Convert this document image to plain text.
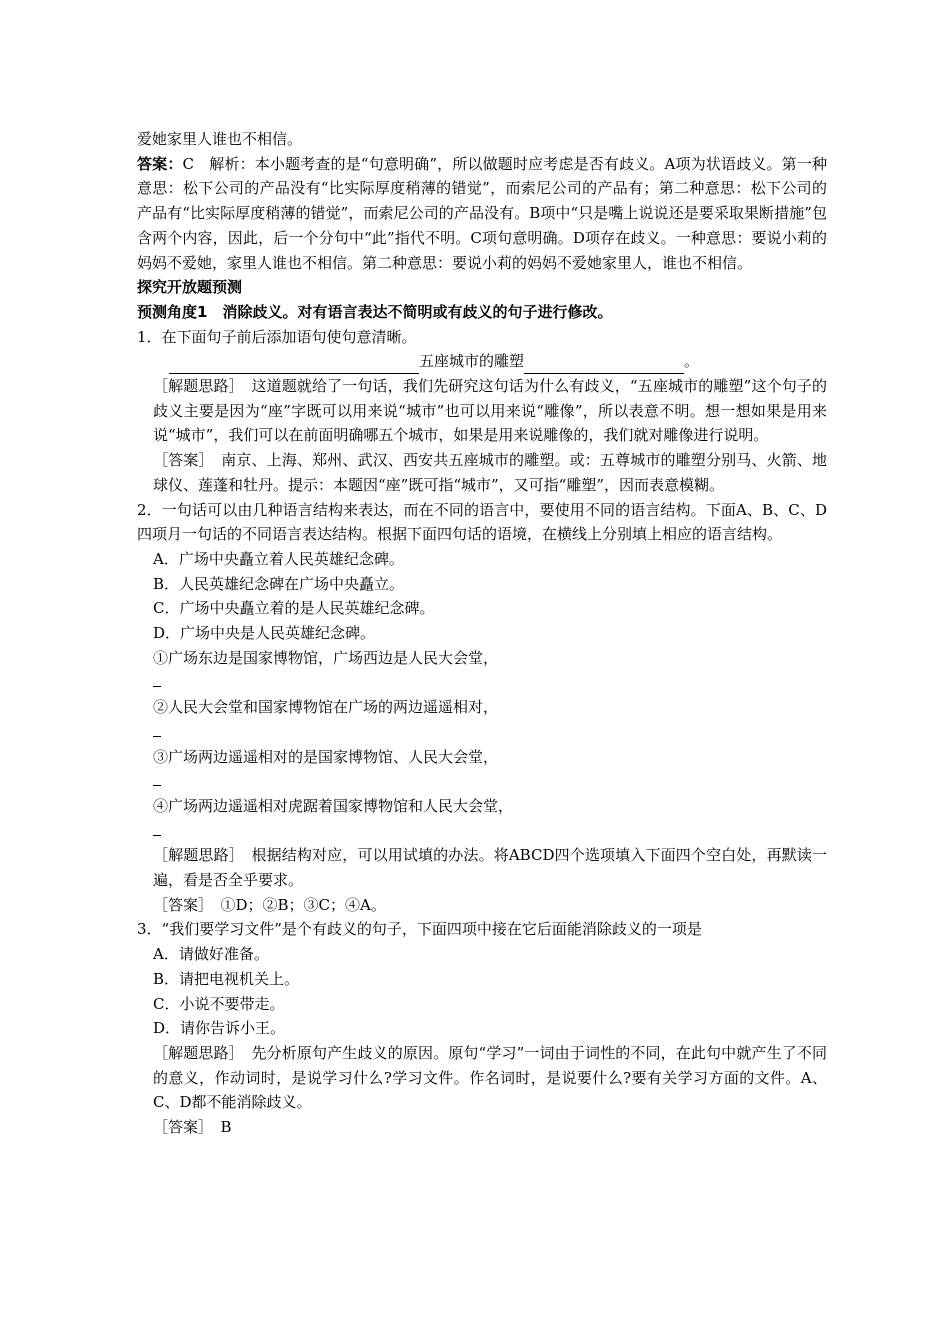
爱她家里人谁也不相信。

答案：C　解析：本小题考查的是“句意明确”，所以做题时应考虑是否有歧义。A项为状语歧义。第一种意思：松下公司的产品没有“比实际厚度稍薄的错觉”，而索尼公司的产品有；第二种意思：松下公司的产品有“比实际厚度稍薄的错觉”，而索尼公司的产品没有。B项中“只是嘴上说说还是要采取果断措施”包含两个内容，因此，后一个分句中“此”指代不明。C项句意明确。D项存在歧义。一种意思：要说小莉的妈妈不爱她，家里人谁也不相信。第二种意思：要说小莉的妈妈不爱她家里人，谁也不相信。

探究开放题预测

预测角度1　消除歧义。对有语言表达不简明或有歧义的句子进行修改。

1．在下面句子前后添加语句使句意清晰。

五座城市的雕塑	。

［解题思路］　这道题就给了一句话，我们先研究这句话为什么有歧义，“五座城市的雕塑”这个句子的歧义主要是因为“座”字既可以用来说“城市”也可以用来说“雕像”，所以表意不明。想一想如果是用来说“城市”，我们可以在前面明确哪五个城市，如果是用来说雕像的，我们就对雕像进行说明。

［答案］　南京、上海、郑州、武汉、西安共五座城市的雕塑。或：五尊城市的雕塑分别马、火箭、地球仪、莲蓬和牡丹。提示：本题因“座”既可指“城市”，又可指“雕塑”，因而表意模糊。

2．一句话可以由几种语言结构来表达，而在不同的语言中，要使用不同的语言结构。下面A、B、C、D四项月一句话的不同语言表达结构。根据下面四句话的语境，在横线上分别填上相应的语言结构。

A．广场中央矗立着人民英雄纪念碑。

B．人民英雄纪念碑在广场中央矗立。

C．广场中央矗立着的是人民英雄纪念碑。

D．广场中央是人民英雄纪念碑。

①广场东边是国家博物馆，广场西边是人民大会堂，

②人民大会堂和国家博物馆在广场的两边遥遥相对，

③广场两边遥遥相对的是国家博物馆、人民大会堂，

④广场两边遥遥相对虎踞着国家博物馆和人民大会堂，

［解题思路］　根据结构对应，可以用试填的办法。将ABCD四个选项填入下面四个空白处，再默读一遍，看是否全乎要求。

［答案］　①D；②B；③C；④A。

3．“我们要学习文件”是个有歧义的句子，下面四项中接在它后面能消除歧义的一项是

A．请做好准备。

B．请把电视机关上。

C．小说不要带走。

D．请你告诉小王。

［解题思路］　先分析原句产生歧义的原因。原句“学习”一词由于词性的不同，在此句中就产生了不同的意义，作动词时，是说学习什么?学习文件。作名词时，是说要什么?要有关学习方面的文件。A、C、D都不能消除歧义。

［答案］　B
